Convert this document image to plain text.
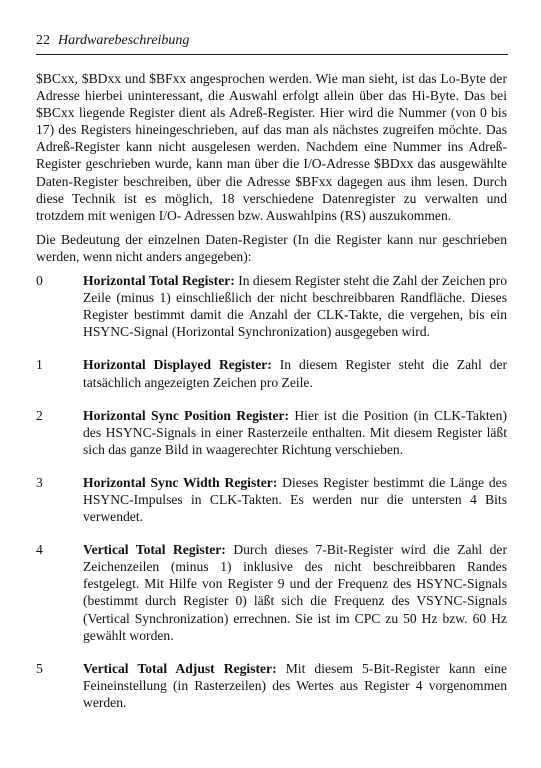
22 Hardwarebeschreibung

$BCxx, $BDxx und $BFxx angesprochen werden. Wie man sieht, ist das Lo-Byte der Adresse hierbei uninteressant, die Auswahl erfolgt allein über das Hi-Byte. Das bei $BCxx liegende Register dient als Adreß-Register. Hier wird die Nummer (von 0 bis 17) des Registers hineingeschrieben, auf das man als nächstes zugreifen möchte. Das Adreß-Register kann nicht ausgelesen werden. Nachdem eine Nummer ins Adreß-Register geschrieben wurde, kann man über die I/O-Adresse $BDxx das ausgewählte Daten-Register beschreiben, über die Adresse $BFxx dagegen aus ihm lesen. Durch diese Technik ist es möglich, 18 verschiedene Datenregister zu verwalten und trotzdem mit wenigen I/O- Adressen bzw. Auswahlpins (RS) auszukommen.

Die Bedeutung der einzelnen Daten-Register (In die Register kann nur geschrieben werden, wenn nicht anders angegeben):

0	Horizontal Total Register: In diesem Register steht die Zahl der Zeichen pro Zeile (minus 1) einschließlich der nicht beschreibbaren Randfläche. Dieses Register bestimmt damit die Anzahl der CLK-Takte, die vergehen, bis ein HSYNC-Signal (Horizontal Synchronization) ausgegeben wird.
1	Horizontal Displayed Register: In diesem Register steht die Zahl der tatsächlich angezeigten Zeichen pro Zeile.
2	Horizontal Sync Position Register: Hier ist die Position (in CLK-Takten) des HSYNC-Signals in einer Rasterzeile enthalten. Mit diesem Register läßt sich das ganze Bild in waagerechter Richtung verschieben.
3	Horizontal Sync Width Register: Dieses Register bestimmt die Länge des HSYNC-Impulses in CLK-Takten. Es werden nur die untersten 4 Bits verwendet.
4	Vertical Total Register: Durch dieses 7-Bit-Register wird die Zahl der Zeichenzeilen (minus 1) inklusive des nicht beschreibbaren Randes festgelegt. Mit Hilfe von Register 9 und der Frequenz des HSYNC-Signals (bestimmt durch Register 0) läßt sich die Frequenz des VSYNC-Signals (Vertical Synchronization) errechnen. Sie ist im CPC zu 50 Hz bzw. 60 Hz gewählt worden.
5	Vertical Total Adjust Register: Mit diesem 5-Bit-Register kann eine Feineinstellung (in Rasterzeilen) des Wertes aus Register 4 vorgenommen werden.
